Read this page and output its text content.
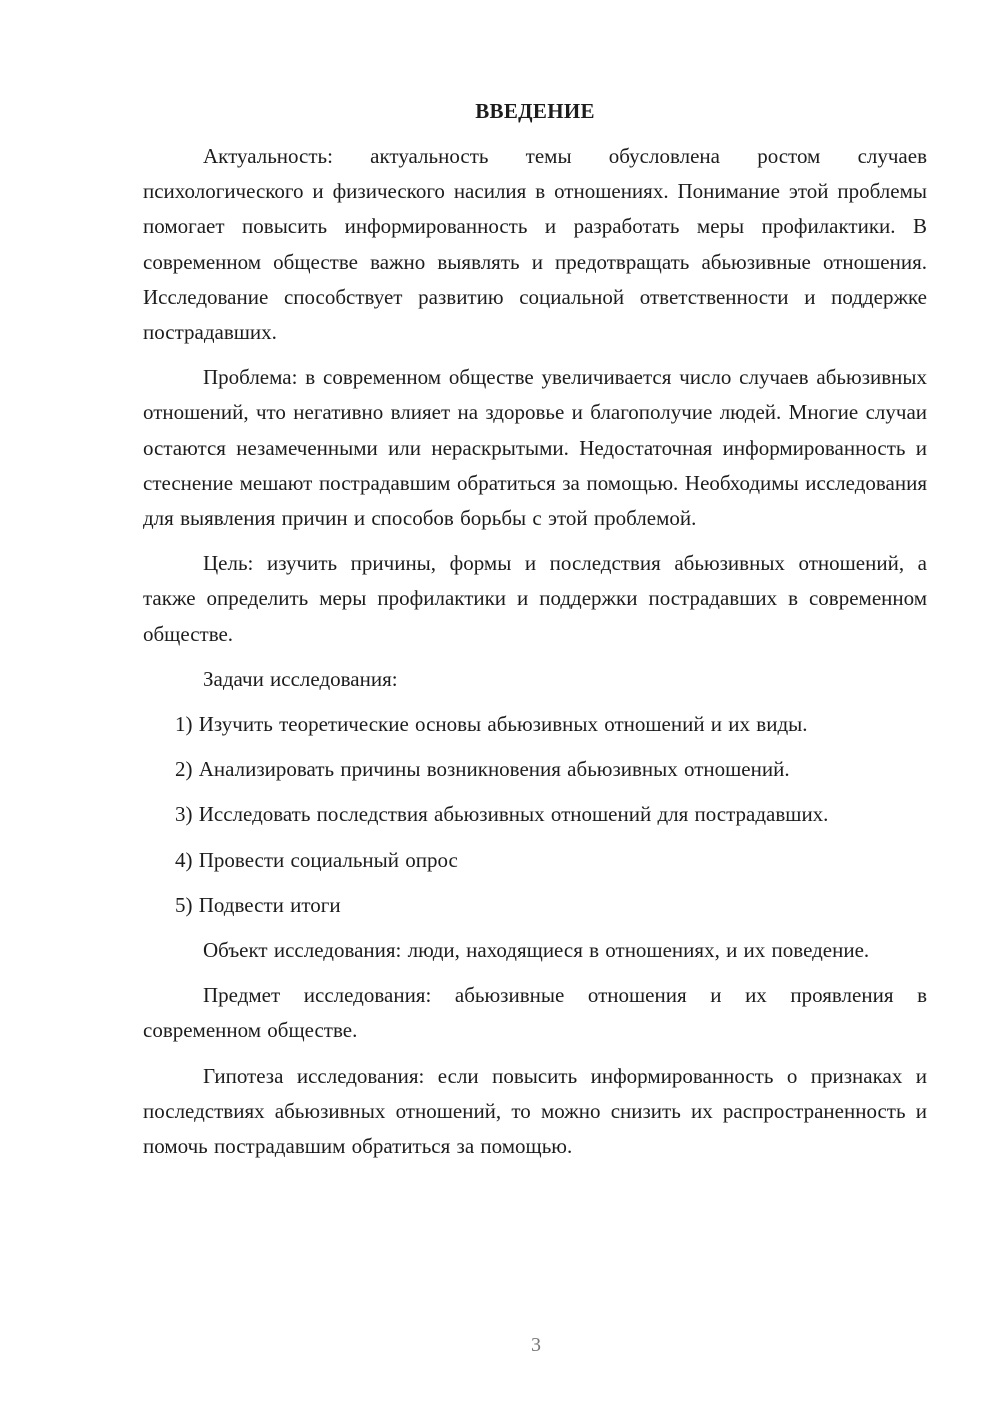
ВВЕДЕНИЕ

Актуальность: актуальность темы обусловлена ростом случаев психологического и физического насилия в отношениях. Понимание этой проблемы помогает повысить информированность и разработать меры профилактики. В современном обществе важно выявлять и предотвращать абьюзивные отношения. Исследование способствует развитию социальной ответственности и поддержке пострадавших.

Проблема: в современном обществе увеличивается число случаев абьюзивных отношений, что негативно влияет на здоровье и благополучие людей. Многие случаи остаются незамеченными или нераскрытыми. Недостаточная информированность и стеснение мешают пострадавшим обратиться за помощью. Необходимы исследования для выявления причин и способов борьбы с этой проблемой.

Цель: изучить причины, формы и последствия абьюзивных отношений, а также определить меры профилактики и поддержки пострадавших в современном обществе.

Задачи исследования:

1) Изучить теоретические основы абьюзивных отношений и их виды.

2) Анализировать причины возникновения абьюзивных отношений.

3) Исследовать последствия абьюзивных отношений для пострадавших.

4) Провести социальный опрос

5) Подвести итоги

Объект исследования: люди, находящиеся в отношениях, и их поведение.

Предмет исследования: абьюзивные отношения и их проявления в современном обществе.

Гипотеза исследования: если повысить информированность о признаках и последствиях абьюзивных отношений, то можно снизить их распространенность и помочь пострадавшим обратиться за помощью.

3
